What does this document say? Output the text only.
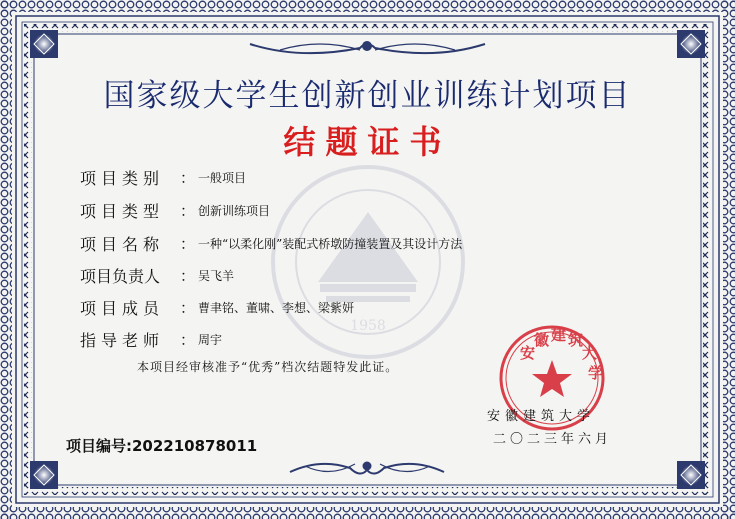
1958
安
徽 建 筑
大
学
国家级大学生创新创业训练计划项目
结题证书
项目类别	： 一般项目
项目类型	： 创新训练项目
项目名称	： 一种“以柔化刚”装配式桥墩防撞装置及其设计方法
项目负责人	： 吴飞羊
项目成员	： 曹聿铭、董啸、李想、梁紫妍
指导老师	： 周宇
本项目经审核准予“优秀”档次结题特发此证。
安徽建筑大学
二〇二三年六月
项目编号:202210878011
